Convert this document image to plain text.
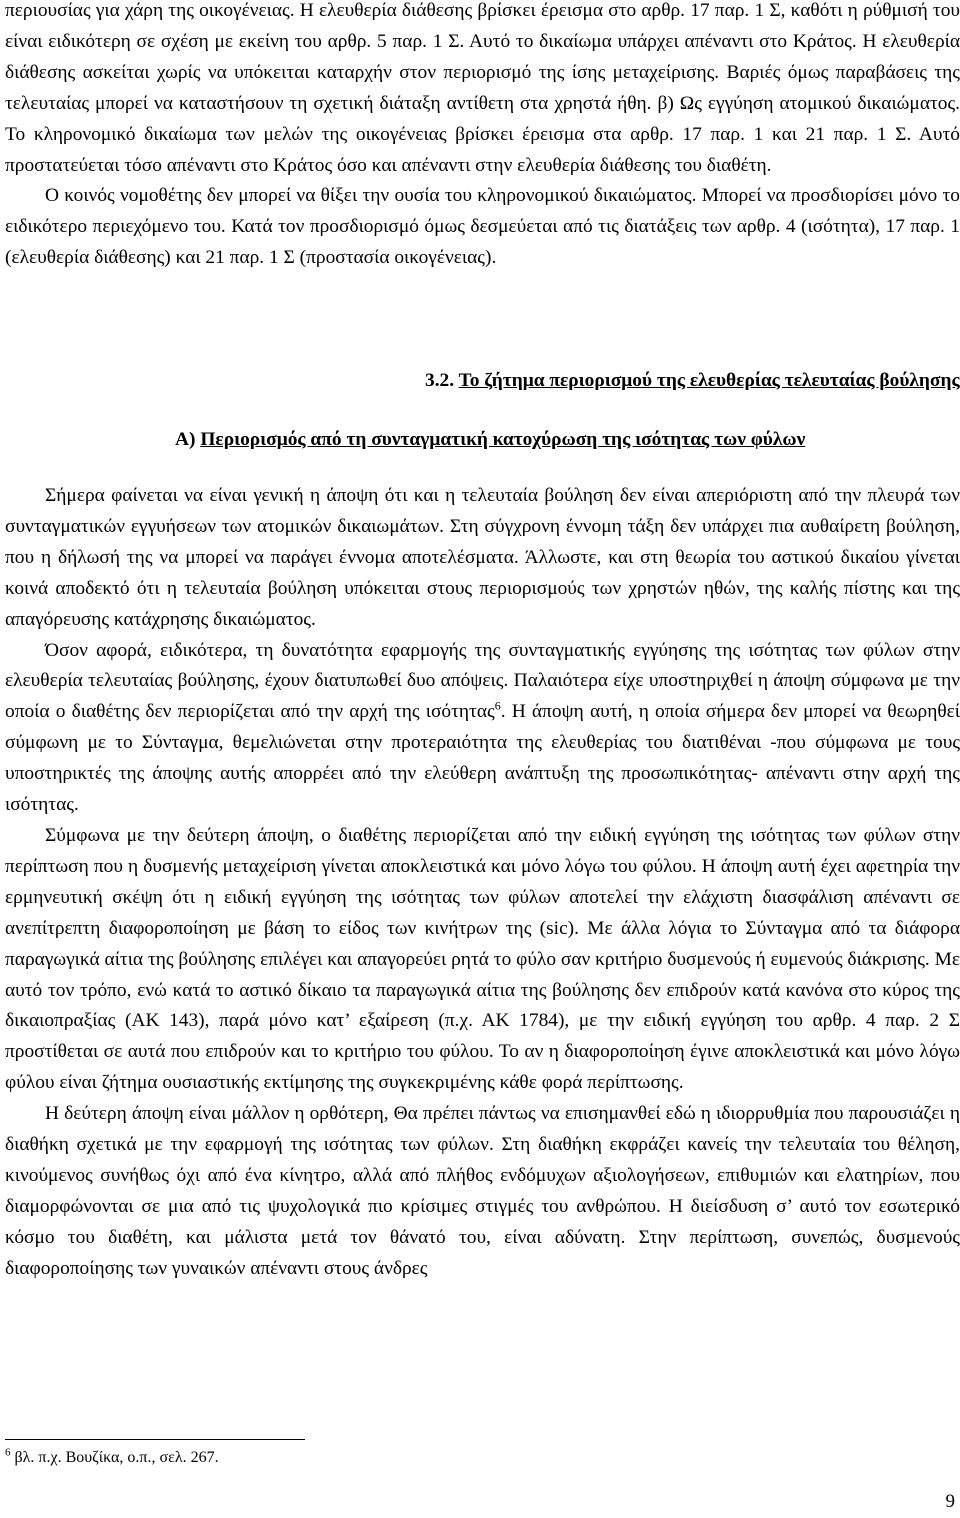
περιουσίας για χάρη της οικογένειας. Η ελευθερία διάθεσης βρίσκει έρεισμα στο αρθρ. 17 παρ. 1 Σ, καθότι η ρύθμισή του είναι ειδικότερη σε σχέση με εκείνη του αρθρ. 5 παρ. 1 Σ. Αυτό το δικαίωμα υπάρχει απέναντι στο Κράτος. Η ελευθερία διάθεσης ασκείται χωρίς να υπόκειται καταρχήν στον περιορισμό της ίσης μεταχείρισης. Βαριές όμως παραβάσεις της τελευταίας μπορεί να καταστήσουν τη σχετική διάταξη αντίθετη στα χρηστά ήθη. β) Ως εγγύηση ατομικού δικαιώματος. Το κληρονομικό δικαίωμα των μελών της οικογένειας βρίσκει έρεισμα στα αρθρ. 17 παρ. 1 και 21 παρ. 1 Σ. Αυτό προστατεύεται τόσο απέναντι στο Κράτος όσο και απέναντι στην ελευθερία διάθεσης του διαθέτη.

Ο κοινός νομοθέτης δεν μπορεί να θίξει την ουσία του κληρονομικού δικαιώματος. Μπορεί να προσδιορίσει μόνο το ειδικότερο περιεχόμενο του. Κατά τον προσδιορισμό όμως δεσμεύεται από τις διατάξεις των αρθρ. 4 (ισότητα), 17 παρ. 1 (ελευθερία διάθεσης) και 21 παρ. 1 Σ (προστασία οικογένειας).

3.2. Το ζήτημα περιορισμού της ελευθερίας τελευταίας βούλησης
Α) Περιορισμός από τη συνταγματική κατοχύρωση της ισότητας των φύλων

Σήμερα φαίνεται να είναι γενική η άποψη ότι και η τελευταία βούληση δεν είναι απεριόριστη από την πλευρά των συνταγματικών εγγυήσεων των ατομικών δικαιωμάτων. Στη σύγχρονη έννομη τάξη δεν υπάρχει πια αυθαίρετη βούληση, που η δήλωσή της να μπορεί να παράγει έννομα αποτελέσματα. Άλλωστε, και στη θεωρία του αστικού δικαίου γίνεται κοινά αποδεκτό ότι η τελευταία βούληση υπόκειται στους περιορισμούς των χρηστών ηθών, της καλής πίστης και της απαγόρευσης κατάχρησης δικαιώματος.

Όσον αφορά, ειδικότερα, τη δυνατότητα εφαρμογής της συνταγματικής εγγύησης της ισότητας των φύλων στην ελευθερία τελευταίας βούλησης, έχουν διατυπωθεί δυο απόψεις. Παλαιότερα είχε υποστηριχθεί η άποψη σύμφωνα με την οποία ο διαθέτης δεν περιορίζεται από την αρχή της ισότητας$^6$. Η άποψη αυτή, η οποία σήμερα δεν μπορεί να θεωρηθεί σύμφωνη με το Σύνταγμα, θεμελιώνεται στην προτεραιότητα της ελευθερίας του διατιθέναι -που σύμφωνα με τους υποστηρικτές της άποψης αυτής απορρέει από την ελεύθερη ανάπτυξη της προσωπικότητας- απέναντι στην αρχή της ισότητας.

Σύμφωνα με την δεύτερη άποψη, ο διαθέτης περιορίζεται από την ειδική εγγύηση της ισότητας των φύλων στην περίπτωση που η δυσμενής μεταχείριση γίνεται αποκλειστικά και μόνο λόγω του φύλου. Η άποψη αυτή έχει αφετηρία την ερμηνευτική σκέψη ότι η ειδική εγγύηση της ισότητας των φύλων αποτελεί την ελάχιστη διασφάλιση απέναντι σε ανεπίτρεπτη διαφοροποίηση με βάση το είδος των κινήτρων της (sic). Με άλλα λόγια το Σύνταγμα από τα διάφορα παραγωγικά αίτια της βούλησης επιλέγει και απαγορεύει ρητά το φύλο σαν κριτήριο δυσμενούς ή ευμενούς διάκρισης. Με αυτό τον τρόπο, ενώ κατά το αστικό δίκαιο τα παραγωγικά αίτια της βούλησης δεν επιδρούν κατά κανόνα στο κύρος της δικαιοπραξίας (ΑΚ 143), παρά μόνο κατ’ εξαίρεση (π.χ. ΑΚ 1784), με την ειδική εγγύηση του αρθρ. 4 παρ. 2 Σ προστίθεται σε αυτά που επιδρούν και το κριτήριο του φύλου. Το αν η διαφοροποίηση έγινε αποκλειστικά και μόνο λόγω φύλου είναι ζήτημα ουσιαστικής εκτίμησης της συγκεκριμένης κάθε φορά περίπτωσης.

Η δεύτερη άποψη είναι μάλλον η ορθότερη, Θα πρέπει πάντως να επισημανθεί εδώ η ιδιορρυθμία που παρουσιάζει η διαθήκη σχετικά με την εφαρμογή της ισότητας των φύλων. Στη διαθήκη εκφράζει κανείς την τελευταία του θέληση, κινούμενος συνήθως όχι από ένα κίνητρο, αλλά από πλήθος ενδόμυχων αξιολογήσεων, επιθυμιών και ελατηρίων, που διαμορφώνονται σε μια από τις ψυχολογικά πιο κρίσιμες στιγμές του ανθρώπου. Η διείσδυση σ’ αυτό τον εσωτερικό κόσμο του διαθέτη, και μάλιστα μετά τον θάνατό του, είναι αδύνατη. Στην περίπτωση, συνεπώς, δυσμενούς διαφοροποίησης των γυναικών απέναντι στους άνδρες

$^6$ βλ. π.χ. Βουζίκα, ο.π., σελ. 267.
9
